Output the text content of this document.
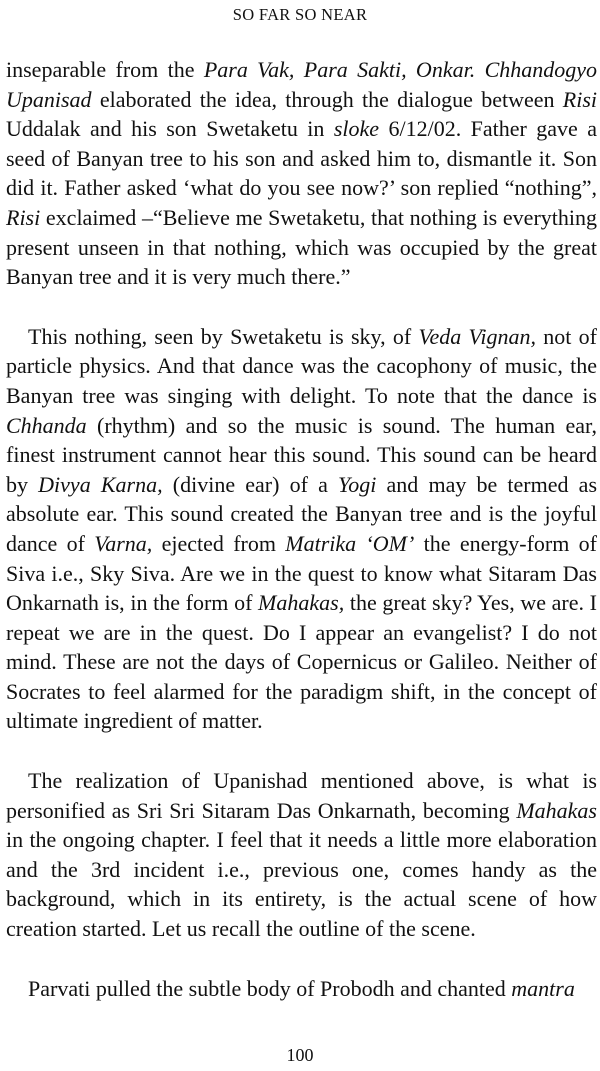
SO FAR SO NEAR

inseparable from the Para Vak, Para Sakti, Onkar. Chhandogyo Upanisad elaborated the idea, through the dialogue between Risi Uddalak and his son Swetaketu in sloke 6/12/02. Father gave a seed of Banyan tree to his son and asked him to, dismantle it. Son did it. Father asked ‘what do you see now?’ son replied “nothing”, Risi exclaimed –“Believe me Swetaketu, that nothing is everything present unseen in that nothing, which was occupied by the great Banyan tree and it is very much there.”

This nothing, seen by Swetaketu is sky, of Veda Vignan, not of particle physics. And that dance was the cacophony of music, the Banyan tree was singing with delight. To note that the dance is Chhanda (rhythm) and so the music is sound. The human ear, finest instrument cannot hear this sound. This sound can be heard by Divya Karna, (divine ear) of a Yogi and may be termed as absolute ear. This sound created the Banyan tree and is the joyful dance of Varna, ejected from Matrika ‘OM’ the energy-form of Siva i.e., Sky Siva. Are we in the quest to know what Sitaram Das Onkarnath is, in the form of Mahakas, the great sky? Yes, we are. I repeat we are in the quest. Do I appear an evangelist? I do not mind. These are not the days of Copernicus or Galileo. Neither of Socrates to feel alarmed for the paradigm shift, in the concept of ultimate ingredient of matter.

The realization of Upanishad mentioned above, is what is personified as Sri Sri Sitaram Das Onkarnath, becoming Mahakas in the ongoing chapter. I feel that it needs a little more elaboration and the 3rd incident i.e., previous one, comes handy as the background, which in its entirety, is the actual scene of how creation started. Let us recall the outline of the scene.

Parvati pulled the subtle body of Probodh and chanted mantra

100
